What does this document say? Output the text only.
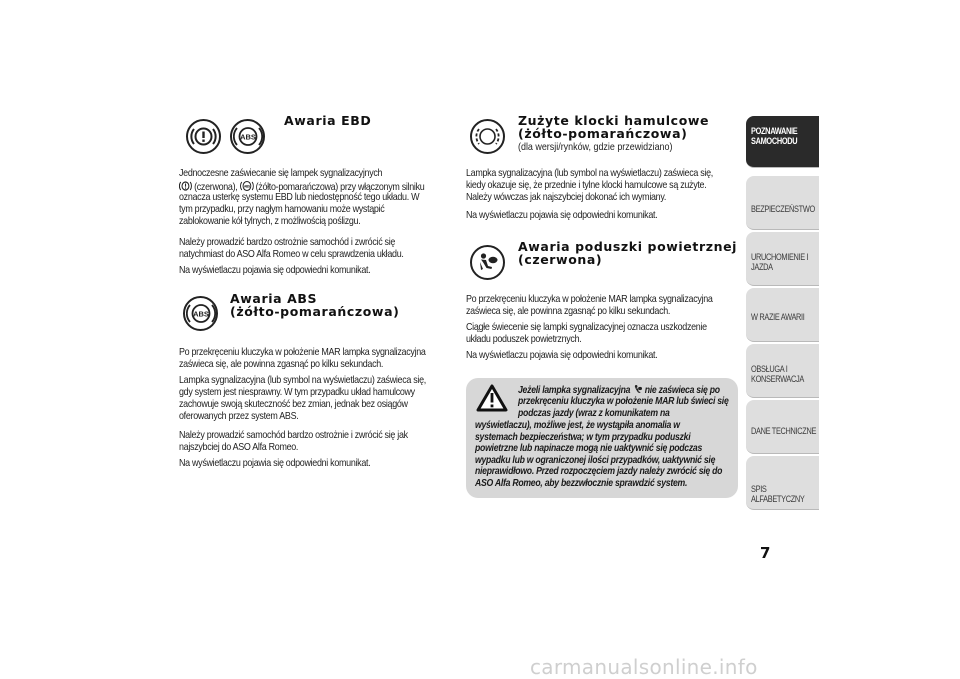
ABS
Awaria EBD
Jednoczesne zaświecanie się lampek sygnalizacyjnych
(czerwona), ABS (żółto-pomarańczowa) przy włączonym silniku
oznacza usterkę systemu EBD lub niedostępność tego układu. W
tym przypadku, przy nagłym hamowaniu może wystąpić
zablokowanie kół tylnych, z możliwością poślizgu.
Należy prowadzić bardzo ostrożnie samochód i zwrócić się
natychmiast do ASO Alfa Romeo w celu sprawdzenia układu.
Na wyświetlaczu pojawia się odpowiedni komunikat.
ABS
Awaria ABS
(żółto-pomarańczowa)
Po przekręceniu kluczyka w położenie MAR lampka sygnalizacyjna
zaświeca się, ale powinna zgasnąć po kilku sekundach.
Lampka sygnalizacyjna (lub symbol na wyświetlaczu) zaświeca się,
gdy system jest niesprawny. W tym przypadku układ hamulcowy
zachowuje swoją skuteczność bez zmian, jednak bez osiągów
oferowanych przez system ABS.
Należy prowadzić samochód bardzo ostrożnie i zwrócić się jak
najszybciej do ASO Alfa Romeo.
Na wyświetlaczu pojawia się odpowiedni komunikat.
Zużyte klocki hamulcowe
(żółto-pomarańczowa)
(dla wersji/rynków, gdzie przewidziano)
Lampka sygnalizacyjna (lub symbol na wyświetlaczu) zaświeca się,
kiedy okazuje się, że przednie i tylne klocki hamulcowe są zużyte.
Należy wówczas jak najszybciej dokonać ich wymiany.
Na wyświetlaczu pojawia się odpowiedni komunikat.
Awaria poduszki powietrznej
(czerwona)
Po przekręceniu kluczyka w położenie MAR lampka sygnalizacyjna
zaświeca się, ale powinna zgasnąć po kilku sekundach.
Ciągłe świecenie się lampki sygnalizacyjnej oznacza uszkodzenie
układu poduszek powietrznych.
Na wyświetlaczu pojawia się odpowiedni komunikat.
Jeżeli lampka sygnalizacyjna nie zaświeca się po
przekręceniu kluczyka w położenie MAR lub świeci się
podczas jazdy (wraz z komunikatem na
wyświetlaczu), możliwe jest, że wystąpiła anomalia w
systemach bezpieczeństwa; w tym przypadku poduszki
powietrzne lub napinacze mogą nie uaktywnić się podczas
wypadku lub w ograniczonej ilości przypadków, uaktywnić się
nieprawidłowo. Przed rozpoczęciem jazdy należy zwrócić się do
ASO Alfa Romeo, aby bezzwłocznie sprawdzić system.
POZNAWANIE
SAMOCHODU
BEZPIECZEŃSTWO
URUCHOMIENIE I
JAZDA
W RAZIE AWARII
OBSŁUGA I
KONSERWACJA
DANE TECHNICZNE
SPIS ALFABETYCZNY
7
carmanualsonline.info
